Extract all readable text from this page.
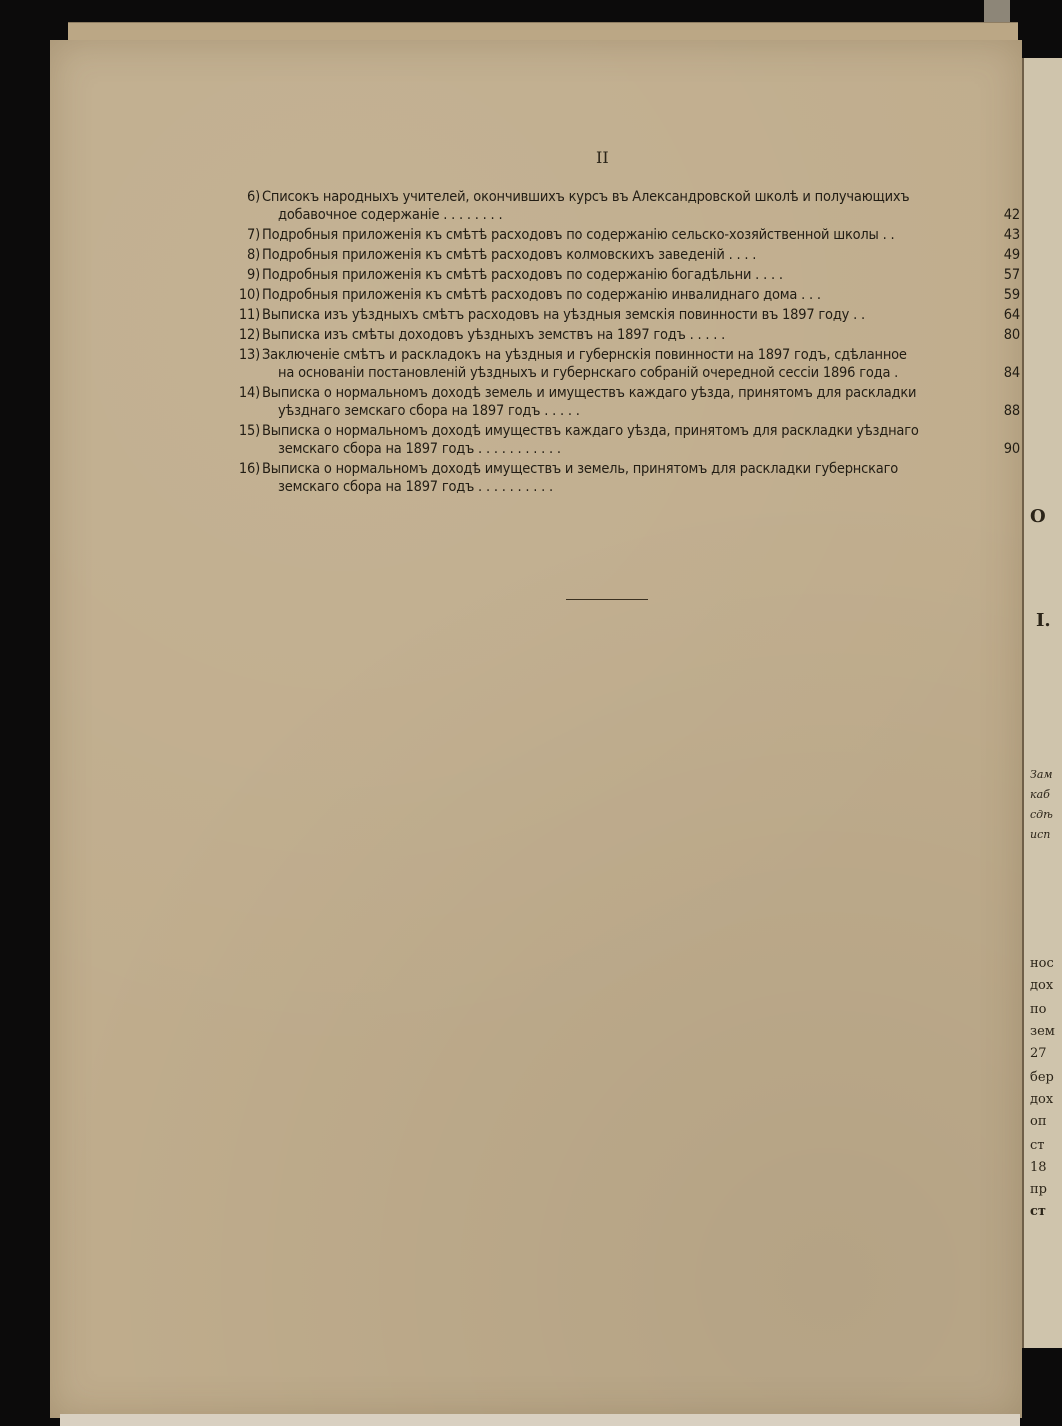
О
I.
Зам
каб
сдѣ
исп
нос
дох
по
зем
27
бер
дох
оп
ст
18
пр
ст
II
6) Списокъ народныхъ учителей, окончившихъ курсъ въ Александровской школѣ и получающихъ
добавочное содержаніе . . . . . . . .	42
7) Подробныя приложенія къ смѣтѣ расходовъ по содержанію сельско-хозяйственной школы . .	43
8) Подробныя приложенія къ смѣтѣ расходовъ колмовскихъ заведеній . . . .	49
9) Подробныя приложенія къ смѣтѣ расходовъ по содержанію богадѣльни . . . .	57
10) Подробныя приложенія къ смѣтѣ расходовъ по содержанію инвалиднаго дома . . .	59
11) Выписка изъ уѣздныхъ смѣтъ расходовъ на уѣздныя земскія повинности въ 1897 году . .	64
12) Выписка изъ смѣты доходовъ уѣздныхъ земствъ на 1897 годъ . . . . .	80
13) Заключеніе смѣтъ и раскладокъ на уѣздныя и губернскія повинности на 1897 годъ, сдѣланное
на основаніи постановленій уѣздныхъ и губернскаго собраній очередной сессіи 1896 года .	84
14) Выписка о нормальномъ доходѣ земель и имуществъ каждаго уѣзда, принятомъ для раскладки
уѣзднаго земскаго сбора на 1897 годъ . . . . .	88
15) Выписка о нормальномъ доходѣ имуществъ каждаго уѣзда, принятомъ для раскладки уѣзднаго
земскаго сбора на 1897 годъ . . . . . . . . . . .	90
16) Выписка о нормальномъ доходѣ имуществъ и земель, принятомъ для раскладки губернскаго
земскаго сбора на 1897 годъ . . . . . . . . . .
